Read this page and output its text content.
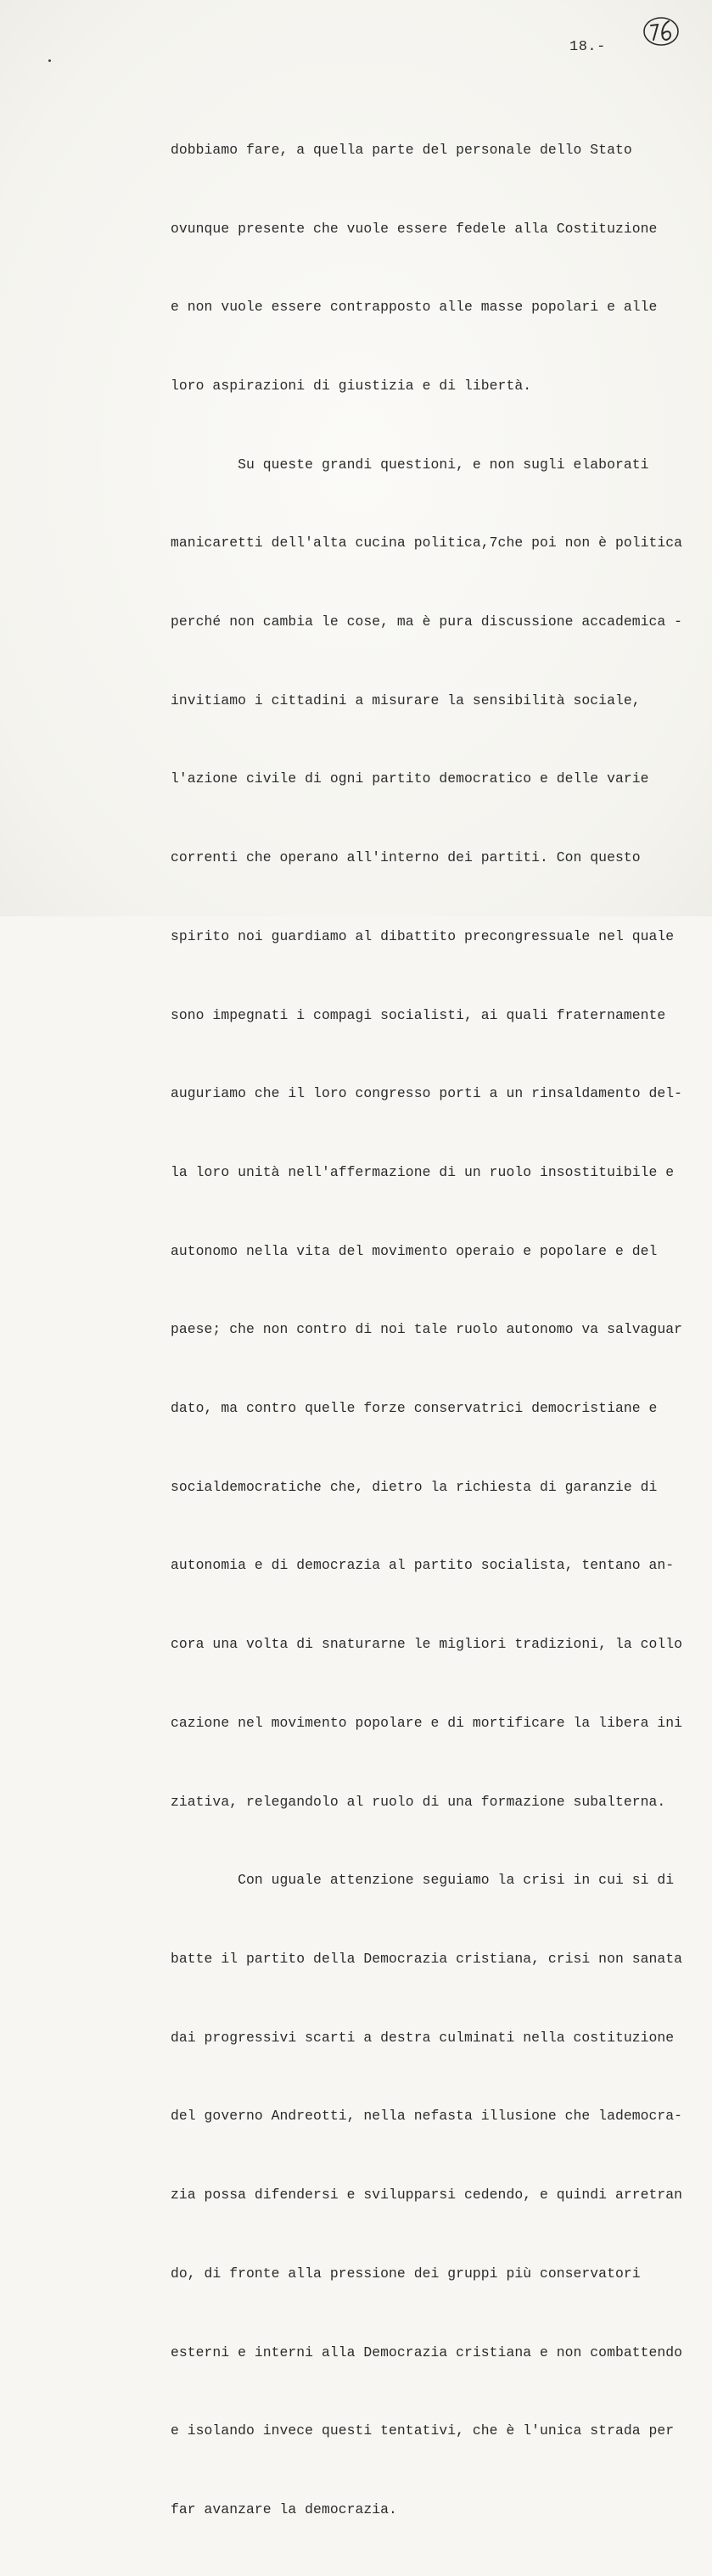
18.-

dobbiamo fare, a quella parte del personale dello Stato

ovunque presente che vuole essere fedele alla Costituzione

e non vuole essere contrapposto alle masse popolari e alle

loro aspirazioni di giustizia e di libertà.

Su queste grandi questioni, e non sugli elaborati

manicaretti dell'alta cucina politica,7che poi non è politica

perché non cambia le cose, ma è pura discussione accademica -

invitiamo i cittadini a misurare la sensibilità sociale,

l'azione civile di ogni partito democratico e delle varie

correnti che operano all'interno dei partiti. Con questo

spirito noi guardiamo al dibattito precongressuale nel quale

sono impegnati i compagi socialisti, ai quali fraternamente

auguriamo che il loro congresso porti a un rinsaldamento del-

la loro unità nell'affermazione di un ruolo insostituibile e

autonomo nella vita del movimento operaio e popolare e del

paese; che non contro di noi tale ruolo autonomo va salvaguar

dato, ma contro quelle forze conservatrici democristiane e

socialdemocratiche che, dietro la richiesta di garanzie di

autonomia e di democrazia al partito socialista, tentano an-

cora una volta di snaturarne le migliori tradizioni, la collo

cazione nel movimento popolare e di mortificare la libera ini

ziativa, relegandolo al ruolo di una formazione subalterna.

Con uguale attenzione seguiamo la crisi in cui si di

batte il partito della Democrazia cristiana, crisi non sanata

dai progressivi scarti a destra culminati nella costituzione

del governo Andreotti, nella nefasta illusione che lademocra-

zia possa difendersi e svilupparsi cedendo, e quindi arretran

do, di fronte alla pressione dei gruppi più conservatori

esterni e interni alla Democrazia cristiana e non combattendo

e isolando invece questi tentativi, che è l'unica strada per

far avanzare la democrazia.
